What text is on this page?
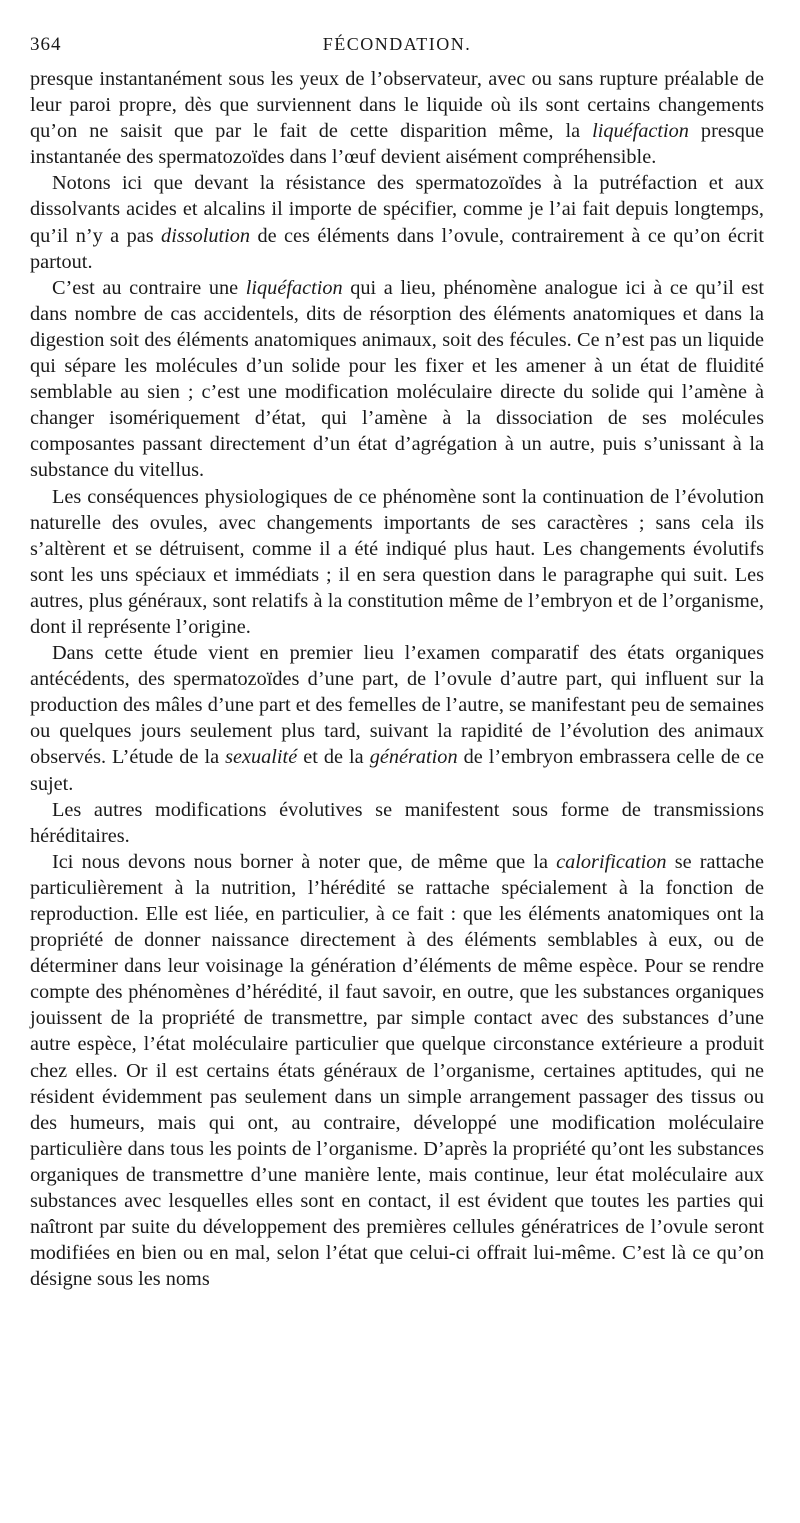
364	FÉCONDATION.

presque instantanément sous les yeux de l’observateur, avec ou sans rupture préalable de leur paroi propre, dès que surviennent dans le liquide où ils sont certains changements qu’on ne saisit que par le fait de cette disparition même, la liquéfaction presque instantanée des spermatozoïdes dans l’œuf devient aisément compréhensible.

Notons ici que devant la résistance des spermatozoïdes à la putréfaction et aux dissolvants acides et alcalins il importe de spécifier, comme je l’ai fait depuis longtemps, qu’il n’y a pas dissolution de ces éléments dans l’ovule, contrairement à ce qu’on écrit partout.

C’est au contraire une liquéfaction qui a lieu, phénomène analogue ici à ce qu’il est dans nombre de cas accidentels, dits de résorption des éléments anatomiques et dans la digestion soit des éléments anatomiques animaux, soit des fécules. Ce n’est pas un liquide qui sépare les molécules d’un solide pour les fixer et les amener à un état de fluidité semblable au sien ; c’est une modification moléculaire directe du solide qui l’amène à changer isomériquement d’état, qui l’amène à la dissociation de ses molécules composantes passant directement d’un état d’agrégation à un autre, puis s’unissant à la substance du vitellus.

Les conséquences physiologiques de ce phénomène sont la continuation de l’évolution naturelle des ovules, avec changements importants de ses caractères ; sans cela ils s’altèrent et se détruisent, comme il a été indiqué plus haut. Les changements évolutifs sont les uns spéciaux et immédiats ; il en sera question dans le paragraphe qui suit. Les autres, plus généraux, sont relatifs à la constitution même de l’embryon et de l’organisme, dont il représente l’origine.

Dans cette étude vient en premier lieu l’examen comparatif des états organiques antécédents, des spermatozoïdes d’une part, de l’ovule d’autre part, qui influent sur la production des mâles d’une part et des femelles de l’autre, se manifestant peu de semaines ou quelques jours seulement plus tard, suivant la rapidité de l’évolution des animaux observés. L’étude de la sexualité et de la génération de l’embryon embrassera celle de ce sujet.

Les autres modifications évolutives se manifestent sous forme de transmissions héréditaires.

Ici nous devons nous borner à noter que, de même que la calorification se rattache particulièrement à la nutrition, l’hérédité se rattache spécialement à la fonction de reproduction. Elle est liée, en particulier, à ce fait : que les éléments anatomiques ont la propriété de donner naissance directement à des éléments semblables à eux, ou de déterminer dans leur voisinage la génération d’éléments de même espèce. Pour se rendre compte des phénomènes d’hérédité, il faut savoir, en outre, que les substances organiques jouissent de la propriété de transmettre, par simple contact avec des substances d’une autre espèce, l’état moléculaire particulier que quelque circonstance extérieure a produit chez elles. Or il est certains états généraux de l’organisme, certaines aptitudes, qui ne résident évidemment pas seulement dans un simple arrangement passager des tissus ou des humeurs, mais qui ont, au contraire, développé une modification moléculaire particulière dans tous les points de l’organisme. D’après la propriété qu’ont les substances organiques de transmettre d’une manière lente, mais continue, leur état moléculaire aux substances avec lesquelles elles sont en contact, il est évident que toutes les parties qui naîtront par suite du développement des premières cellules génératrices de l’ovule seront modifiées en bien ou en mal, selon l’état que celui-ci offrait lui-même. C’est là ce qu’on désigne sous les noms
